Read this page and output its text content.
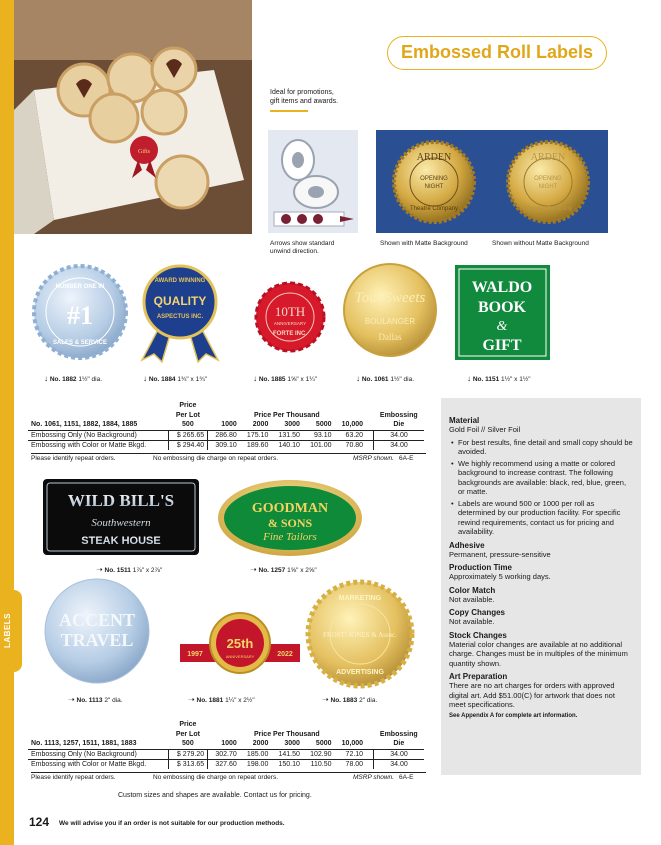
LABELS
Gifts
Embossed Roll Labels
Ideal for promotions,
gift items and awards.
Arrows show standard
unwind direction.
ARDEN
OPENING
NIGHT
Theatre Company
ARDEN
OPENING
NIGHT
Theatre Company
Shown with Matte Background	Shown without Matte Background
NUMBER ONE IN
#1
SALES & SERVICE
AWARD WINNING
QUALITY
ASPECTUS INC.	10TH
ANNIVERSARY
FORTE INC.
Tout Sweets
BOULANGER
Dallas
WALDO
BOOK
&
GIFT
↓ No. 1882 1½" dia.	↓ No. 1884 1¾" x 1¾"	↓ No. 1885 1⅝" x 1¼"	↓ No. 1061 1½" dia.	↓ No. 1151 1½" x 1½"
	Price							
	Per Lot	Price Per Thousand						Embossing
No. 1061, 1151, 1882, 1884, 1885	500	1000	2000	3000	5000	10,000		Die
Embossing Only (No Background)	$ 265.65	286.80	175.10	131.50	93.10	63.20		34.00
Embossing with Color or Matte Bkgd.	$ 294.40	309.10	189.60	140.10	101.00	70.80		34.00
Please identify repeat orders.	No embossing die charge on repeat orders.	MSRP shown. 6A-E
WILD BILL'S
Southwestern
STEAK HOUSE
GOODMAN
& SONS
Fine Tailors
➝ No. 1511 1⅞" x 2⅞"	➝ No. 1257 1⅝" x 2⅝"
ACCENT
TRAVEL	25th
ANNIVERSARY
1997	2022
MARKETING
FROST/ JONES & Assoc.
ADVERTISING
➝ No. 1113 2" dia.	➝ No. 1881 1¼" x 2½"	➝ No. 1883 2" dia.
	Price							
	Per Lot	Price Per Thousand						Embossing
No. 1113, 1257, 1511, 1881, 1883	500	1000	2000	3000	5000	10,000		Die
Embossing Only (No Background)	$ 279.20	302.70	185.00	141.50	102.90	72.10		34.00
Embossing with Color or Matte Bkgd.	$ 313.65	327.60	198.00	150.10	110.50	78.00		34.00
Please identify repeat orders.	No embossing die charge on repeat orders.	MSRP shown. 6A-E
Material

Gold Foil // Silver Foil

• For best results, fine detail and small copy should be avoided.
• We highly recommend using a matte or colored background to increase contrast. The following backgrounds are available: black, red, blue, green, or matte.
• Labels are wound 500 or 1000 per roll as determined by our production facility. For specific rewind requirements, contact us for pricing and availability.
Adhesive

Permanent, pressure-sensitive

Production Time

Approximately 5 working days.

Color Match

Not available.

Copy Changes

Not available.

Stock Changes

Material color changes are available at no additional charge. Changes must be in multiples of the minimum quantity shown.

Art Preparation

There are no art charges for orders with approved digital art. Add $51.00(C) for artwork that does not meet specifications.

See Appendix A for complete art information.

Custom sizes and shapes are available. Contact us for pricing.
124 We will advise you if an order is not suitable for our production methods.
